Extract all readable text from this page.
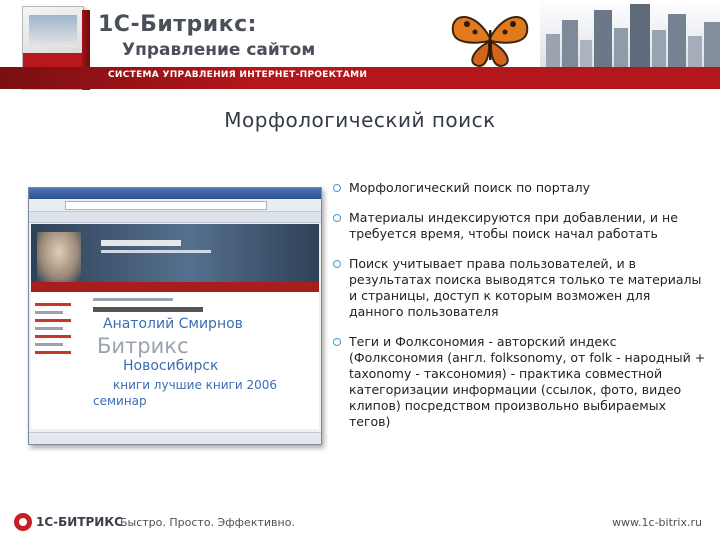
1С-Битрикс:
Управление сайтом
СИСТЕМА УПРАВЛЕНИЯ ИНТЕРНЕТ-ПРОЕКТАМИ
Морфологический поиск
Анатолий Смирнов
Битрикс
Новосибирск
книги лучшие книги 2006
семинар
Морфологический поиск по порталу
Материалы индексируются при добавлении, и не требуется время, чтобы поиск начал работать
Поиск учитывает права пользователей, и в результатах поиска выводятся только те материалы и страницы, доступ к которым возможен для данного пользователя
Теги и Фолксономия - авторский индекс (Фолксономия (англ. folksonomy, от folk - народный + taxonomy - таксономия) - практика совместной категоризации информации (ссылок, фото, видео клипов) посредством произвольно выбираемых тегов)
1С-БИТРИКС
Быстро. Просто. Эффективно.	www.1c-bitrix.ru
